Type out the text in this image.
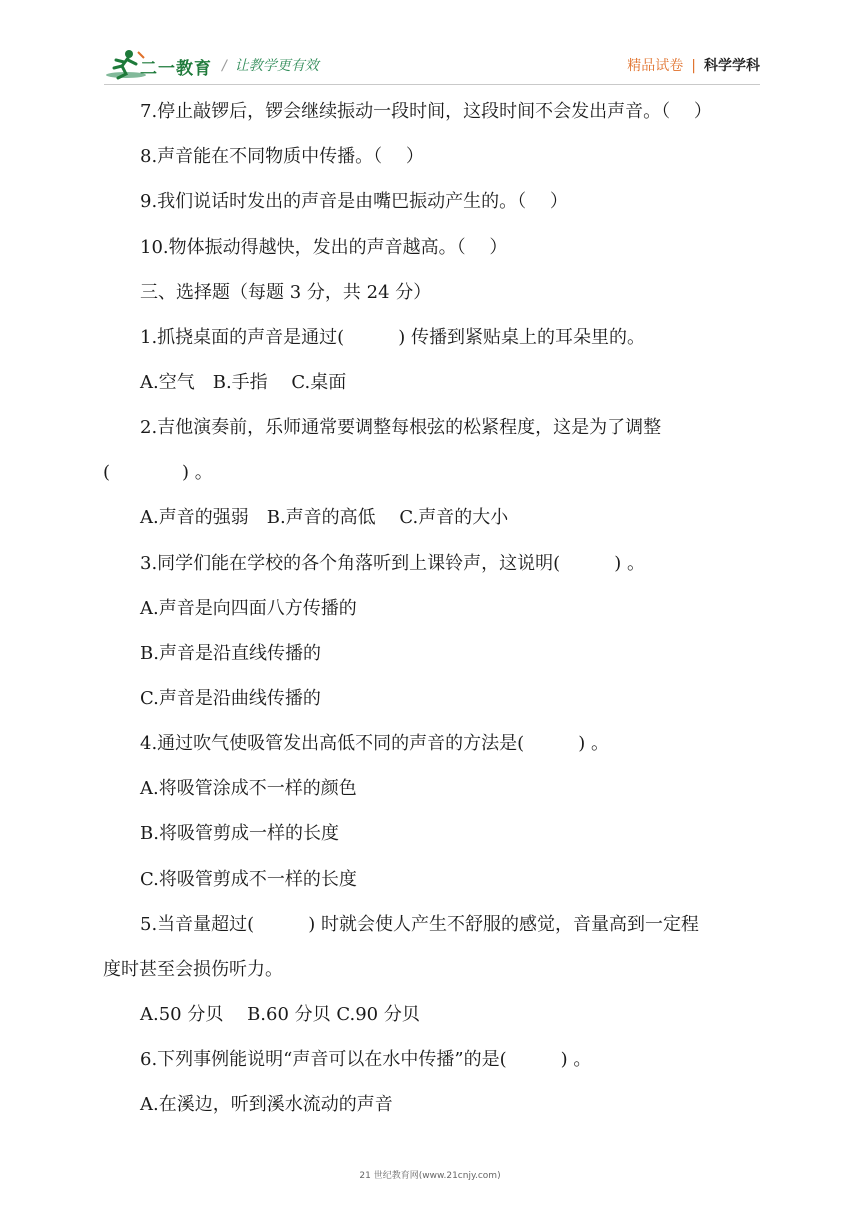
二一教育 / 让教学更有效	精品试卷 | 科学学科
7.停止敲锣后，锣会继续振动一段时间，这段时间不会发出声音。（　 ）
8.声音能在不同物质中传播。（　 ）
9.我们说话时发出的声音是由嘴巴振动产生的。（　 ）
10.物体振动得越快，发出的声音越高。（　 ）
三、选择题（每题 3 分，共 24 分）
1.抓挠桌面的声音是通过(　　　) 传播到紧贴桌上的耳朵里的。
A.空气　B.手指　 C.桌面
2.吉他演奏前，乐师通常要调整每根弦的松紧程度，这是为了调整
(　　　　) 。
A.声音的强弱　B.声音的高低　 C.声音的大小
3.同学们能在学校的各个角落听到上课铃声，这说明(　　　) 。
A.声音是向四面八方传播的
B.声音是沿直线传播的
C.声音是沿曲线传播的
4.通过吹气使吸管发出高低不同的声音的方法是(　　　) 。
A.将吸管涂成不一样的颜色
B.将吸管剪成一样的长度
C.将吸管剪成不一样的长度
5.当音量超过(　　　) 时就会使人产生不舒服的感觉，音量高到一定程
度时甚至会损伤听力。
A.50 分贝　 B.60 分贝 C.90 分贝
6.下列事例能说明“声音可以在水中传播”的是(　　　) 。
A.在溪边，听到溪水流动的声音
21 世纪教育网(www.21cnjy.com)
